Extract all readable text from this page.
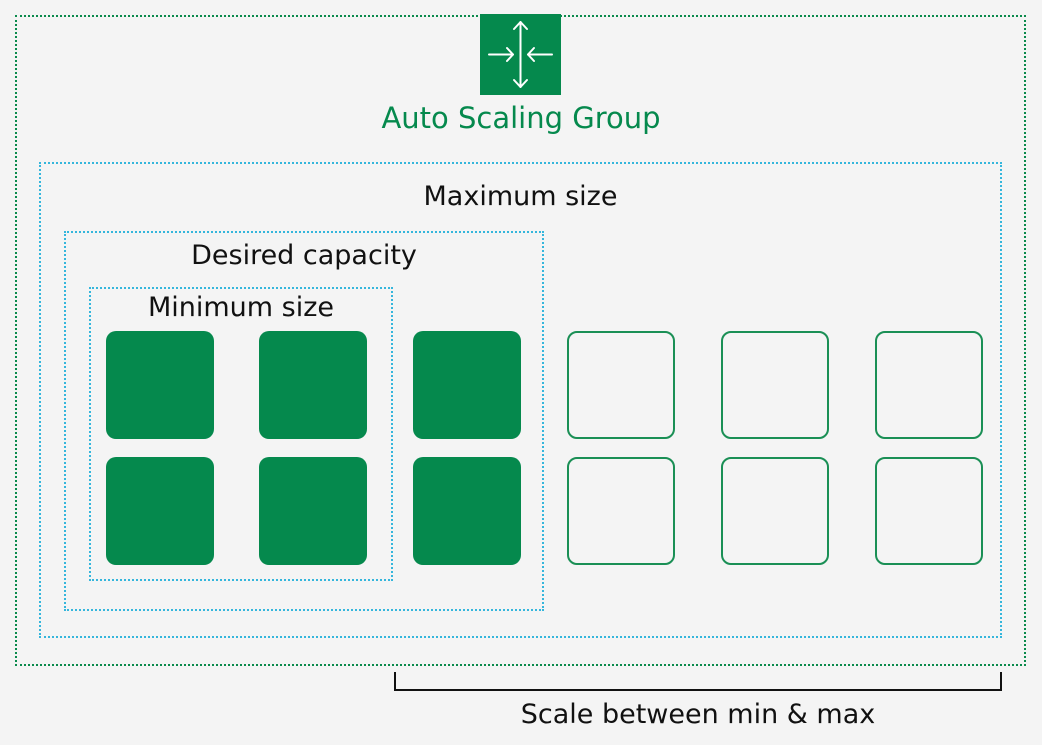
Auto Scaling Group
Maximum size
Desired capacity
Minimum size
Scale between min & max
